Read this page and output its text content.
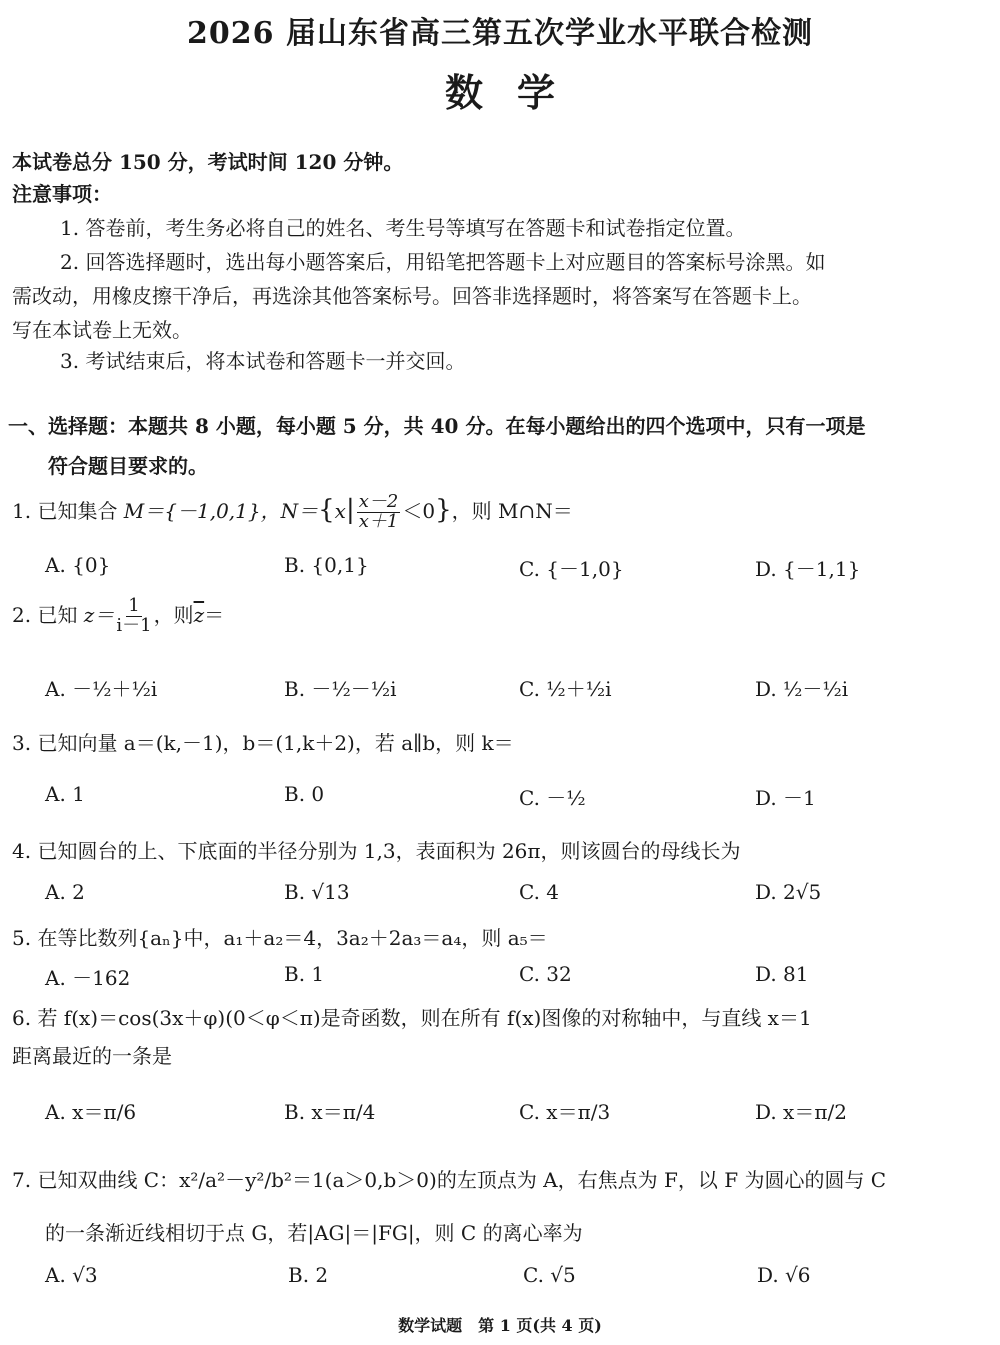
2026 届山东省高三第五次学业水平联合检测
数学
本试卷总分 150 分，考试时间 120 分钟。
注意事项：
1. 答卷前，考生务必将自己的姓名、考生号等填写在答题卡和试卷指定位置。
2. 回答选择题时，选出每小题答案后，用铅笔把答题卡上对应题目的答案标号涂黑。如
需改动，用橡皮擦干净后，再选涂其他答案标号。回答非选择题时，将答案写在答题卡上。
写在本试卷上无效。
3. 考试结束后，将本试卷和答题卡一并交回。
一、选择题：本题共 8 小题，每小题 5 分，共 40 分。在每小题给出的四个选项中，只有一项是
符合题目要求的。
1. 已知集合 M＝{－1,0,1}，$N=\{x| \frac{x-2}{x+1} <0\}$，则 M∩N＝
A. {0}	B. {0,1}	C. {－1,0}	D. {－1,1}
2. 已知 $z= \frac{1}{i-1}$ ，则$\overline{z}=$
A. －½＋½i	B. －½－½i	C. ½＋½i	D. ½－½i
3. 已知向量 a＝(k,－1)，b＝(1,k＋2)，若 a∥b，则 k＝
A. 1	B. 0	C. －½	D. －1
4. 已知圆台的上、下底面的半径分别为 1,3，表面积为 26π，则该圆台的母线长为
A. 2	B. √13	C. 4	D. 2√5
5. 在等比数列{aₙ}中，a₁＋a₂＝4，3a₂＋2a₃＝a₄，则 a₅＝
A. －162	B. 1	C. 32	D. 81
6. 若 f(x)＝cos(3x＋φ)(0＜φ＜π)是奇函数，则在所有 f(x)图像的对称轴中，与直线 x＝1
距离最近的一条是
A. x＝π/6	B. x＝π/4	C. x＝π/3	D. x＝π/2
7. 已知双曲线 C：x²/a²－y²/b²＝1(a＞0,b＞0)的左顶点为 A，右焦点为 F，以 F 为圆心的圆与 C
的一条渐近线相切于点 G，若|AG|＝|FG|，则 C 的离心率为
A. √3	B. 2	C. √5	D. √6
数学试题　第 1 页(共 4 页)
